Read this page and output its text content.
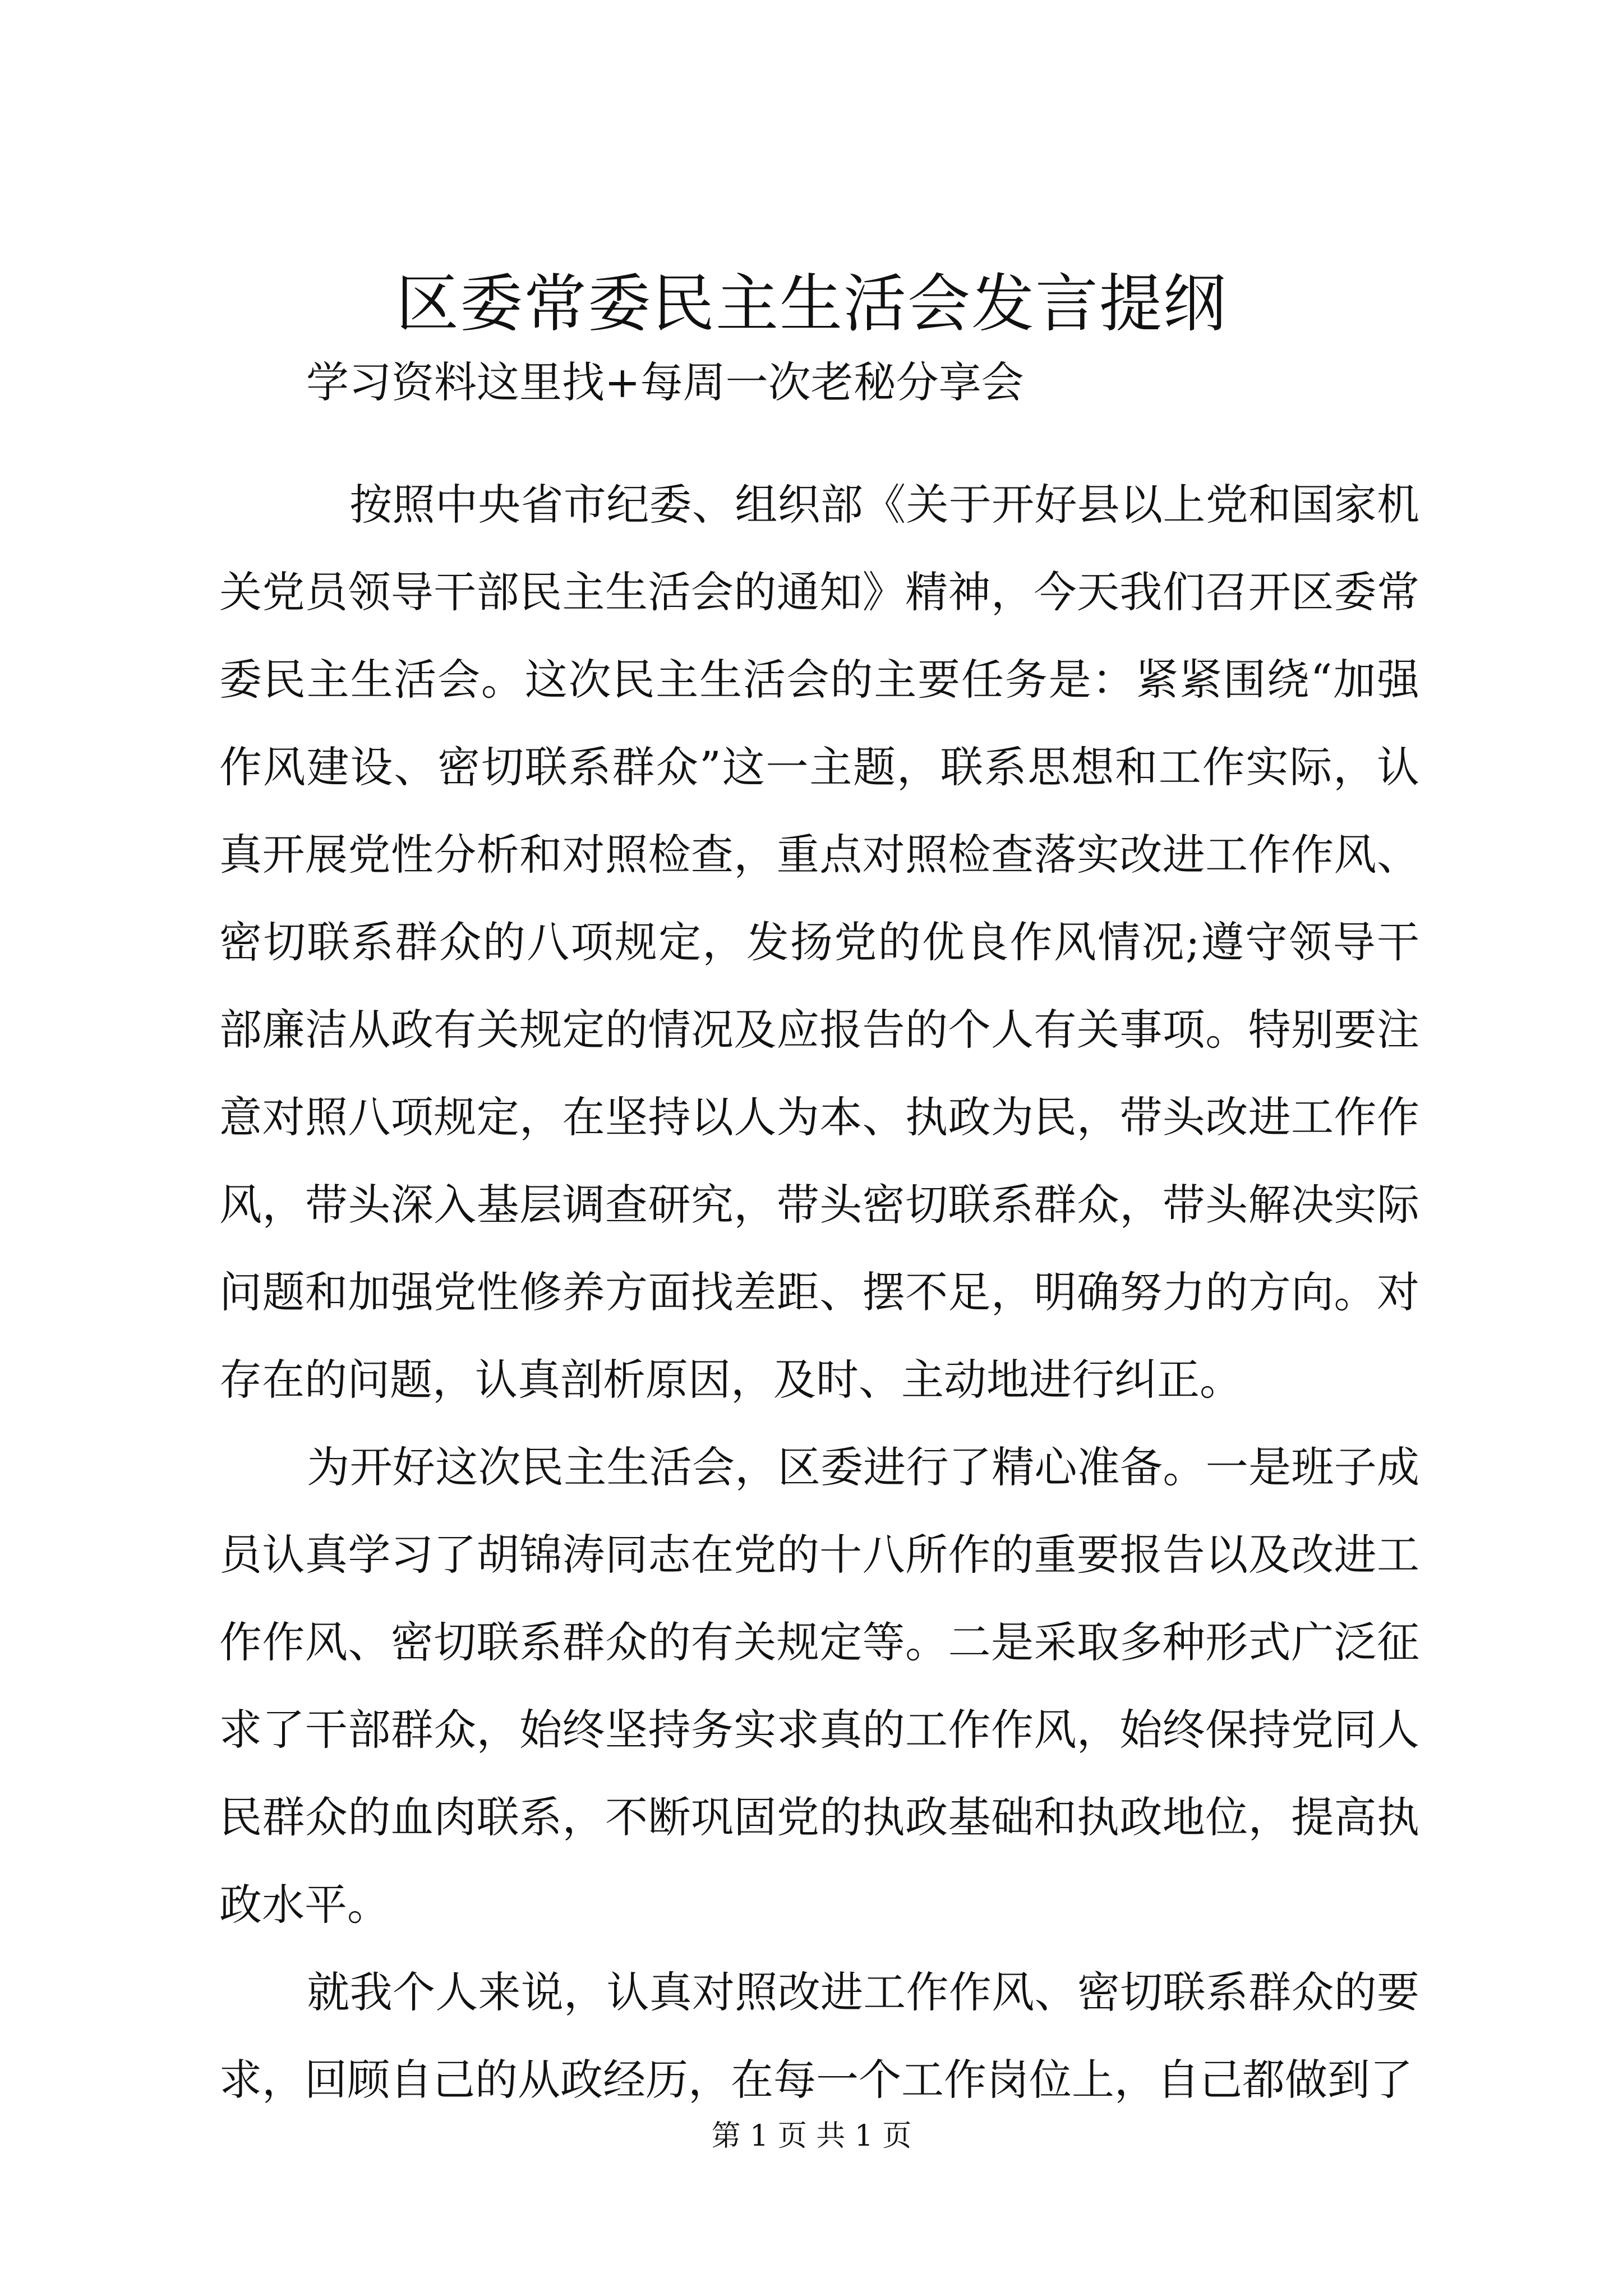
区委常委民主生活会发言提纲

学习资料这里找+每周一次老秘分享会

按照中央省市纪委、组织部《关于开好县以上党和国家机关党员领导干部民主生活会的通知》精神，今天我们召开区委常委民主生活会。这次民主生活会的主要任务是：紧紧围绕“加强作风建设、密切联系群众”这一主题，联系思想和工作实际，认真开展党性分析和对照检查，重点对照检查落实改进工作作风、密切联系群众的八项规定，发扬党的优良作风情况;遵守领导干部廉洁从政有关规定的情况及应报告的个人有关事项。特别要注意对照八项规定，在坚持以人为本、执政为民，带头改进工作作风，带头深入基层调查研究，带头密切联系群众，带头解决实际问题和加强党性修养方面找差距、摆不足，明确努力的方向。对存在的问题，认真剖析原因，及时、主动地进行纠正。

为开好这次民主生活会，区委进行了精心准备。一是班子成员认真学习了胡锦涛同志在党的十八所作的重要报告以及改进工作作风、密切联系群众的有关规定等。二是采取多种形式广泛征求了干部群众，始终坚持务实求真的工作作风，始终保持党同人民群众的血肉联系，不断巩固党的执政基础和执政地位，提高执政水平。

就我个人来说，认真对照改进工作作风、密切联系群众的要求，回顾自己的从政经历，在每一个工作岗位上，自己都做到了

第 1 页 共 1 页
